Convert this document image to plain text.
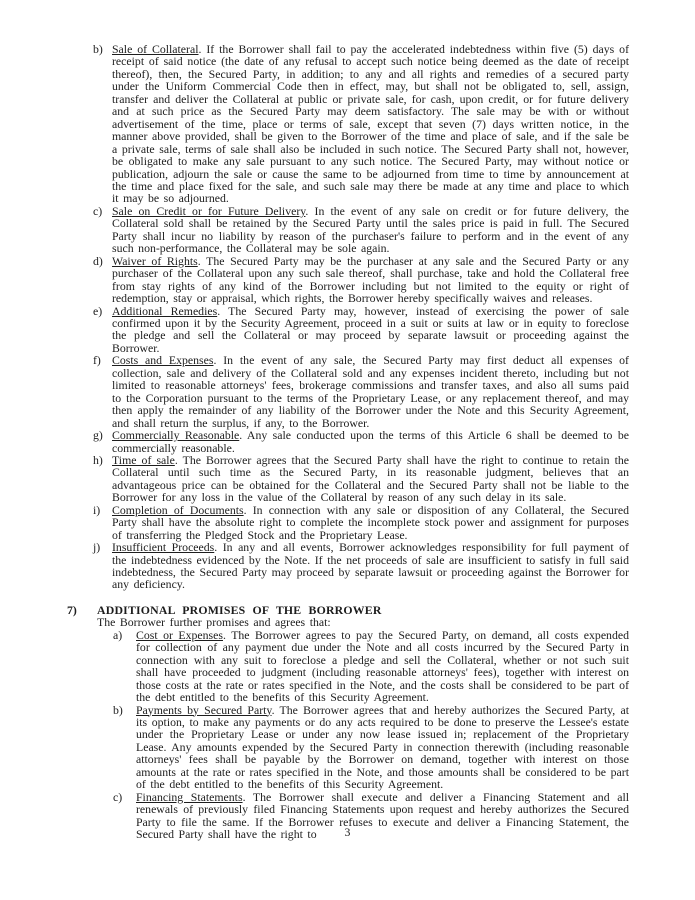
b) Sale of Collateral. If the Borrower shall fail to pay the accelerated indebtedness within five (5) days of receipt of said notice (the date of any refusal to accept such notice being deemed as the date of receipt thereof), then, the Secured Party, in addition; to any and all rights and remedies of a secured party under the Uniform Commercial Code then in effect, may, but shall not be obligated to, sell, assign, transfer and deliver the Collateral at public or private sale, for cash, upon credit, or for future delivery and at such price as the Secured Party may deem satisfactory. The sale may be with or without advertisement of the time, place or terms of sale, except that seven (7) days written notice, in the manner above provided, shall be given to the Borrower of the time and place of sale, and if the sale be a private sale, terms of sale shall also be included in such notice. The Secured Party shall not, however, be obligated to make any sale pursuant to any such notice. The Secured Party, may without notice or publication, adjourn the sale or cause the same to be adjourned from time to time by announcement at the time and place fixed for the sale, and such sale may there be made at any time and place to which it may be so adjourned.
c) Sale on Credit or for Future Delivery. In the event of any sale on credit or for future delivery, the Collateral sold shall be retained by the Secured Party until the sales price is paid in full. The Secured Party shall incur no liability by reason of the purchaser's failure to perform and in the event of any such non-performance, the Collateral may be sole again.
d) Waiver of Rights. The Secured Party may be the purchaser at any sale and the Secured Party or any purchaser of the Collateral upon any such sale thereof, shall purchase, take and hold the Collateral free from stay rights of any kind of the Borrower including but not limited to the equity or right of redemption, stay or appraisal, which rights, the Borrower hereby specifically waives and releases.
e) Additional Remedies. The Secured Party may, however, instead of exercising the power of sale confirmed upon it by the Security Agreement, proceed in a suit or suits at law or in equity to foreclose the pledge and sell the Collateral or may proceed by separate lawsuit or proceeding against the Borrower.
f) Costs and Expenses. In the event of any sale, the Secured Party may first deduct all expenses of collection, sale and delivery of the Collateral sold and any expenses incident thereto, including but not limited to reasonable attorneys' fees, brokerage commissions and transfer taxes, and also all sums paid to the Corporation pursuant to the terms of the Proprietary Lease, or any replacement thereof, and may then apply the remainder of any liability of the Borrower under the Note and this Security Agreement, and shall return the surplus, if any, to the Borrower.
g) Commercially Reasonable. Any sale conducted upon the terms of this Article 6 shall be deemed to be commercially reasonable.
h) Time of sale. The Borrower agrees that the Secured Party shall have the right to continue to retain the Collateral until such time as the Secured Party, in its reasonable judgment, believes that an advantageous price can be obtained for the Collateral and the Secured Party shall not be liable to the Borrower for any loss in the value of the Collateral by reason of any such delay in its sale.
i) Completion of Documents. In connection with any sale or disposition of any Collateral, the Secured Party shall have the absolute right to complete the incomplete stock power and assignment for purposes of transferring the Pledged Stock and the Proprietary Lease.
j) Insufficient Proceeds. In any and all events, Borrower acknowledges responsibility for full payment of the indebtedness evidenced by the Note. If the net proceeds of sale are insufficient to satisfy in full said indebtedness, the Secured Party may proceed by separate lawsuit or proceeding against the Borrower for any deficiency.
7)	ADDITIONAL PROMISES OF THE BORROWER
The Borrower further promises and agrees that:
a)	Cost or Expenses. The Borrower agrees to pay the Secured Party, on demand, all costs expended for collection of any payment due under the Note and all costs incurred by the Secured Party in connection with any suit to foreclose a pledge and sell the Collateral, whether or not such suit shall have proceeded to judgment (including reasonable attorneys' fees), together with interest on those costs at the rate or rates specified in the Note, and the costs shall be considered to be part of the debt entitled to the benefits of this Security Agreement.
b)	Payments by Secured Party. The Borrower agrees that and hereby authorizes the Secured Party, at its option, to make any payments or do any acts required to be done to preserve the Lessee's estate under the Proprietary Lease or under any now lease issued in; replacement of the Proprietary Lease. Any amounts expended by the Secured Party in connection therewith (including reasonable attorneys' fees shall be payable by the Borrower on demand, together with interest on those amounts at the rate or rates specified in the Note, and those amounts shall be considered to be part of the debt entitled to the benefits of this Security Agreement.
c)	Financing Statements. The Borrower shall execute and deliver a Financing Statement and all renewals of previously filed Financing Statements upon request and hereby authorizes the Secured Party to file the same. If the Borrower refuses to execute and deliver a Financing Statement, the Secured Party shall have the right to	3
